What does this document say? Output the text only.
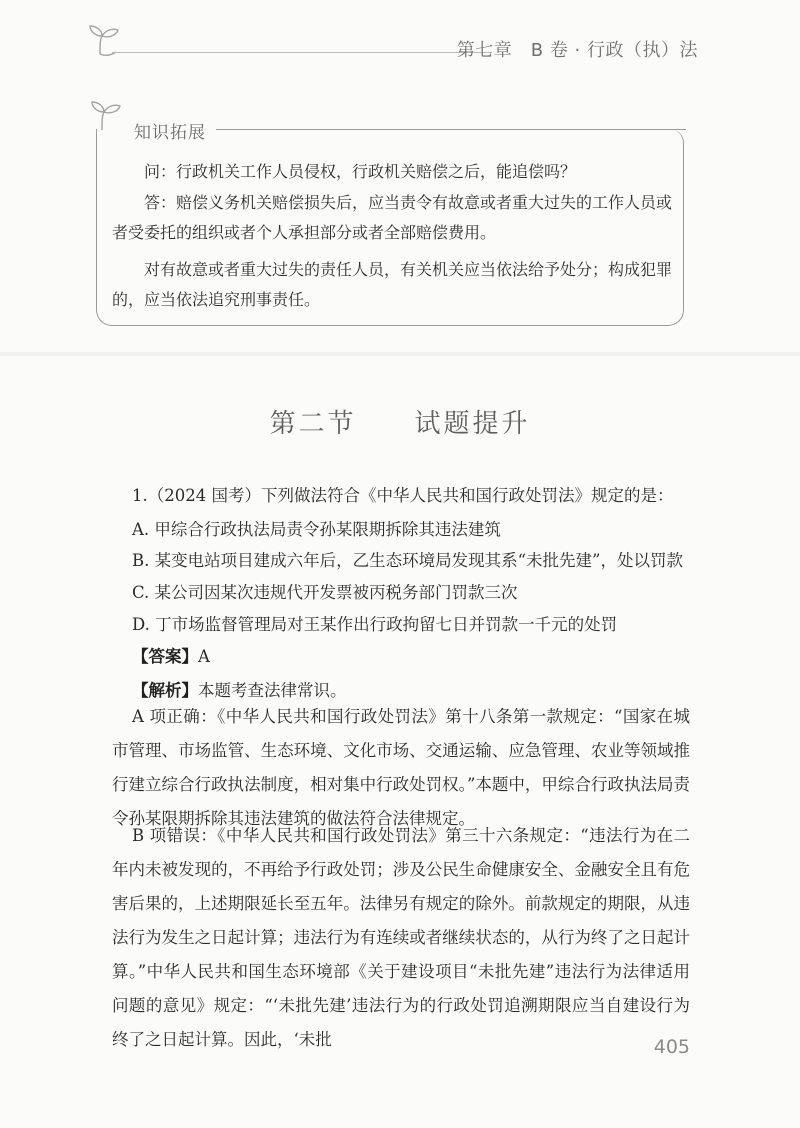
第七章　B 卷 · 行政（执）法
知识拓展

问：行政机关工作人员侵权，行政机关赔偿之后，能追偿吗？

答：赔偿义务机关赔偿损失后，应当责令有故意或者重大过失的工作人员或者受委托的组织或者个人承担部分或者全部赔偿费用。

对有故意或者重大过失的责任人员，有关机关应当依法给予处分；构成犯罪的，应当依法追究刑事责任。

第二节　　试题提升

1.（2024 国考）下列做法符合《中华人民共和国行政处罚法》规定的是：

A. 甲综合行政执法局责令孙某限期拆除其违法建筑

B. 某变电站项目建成六年后，乙生态环境局发现其系“未批先建”，处以罚款

C. 某公司因某次违规代开发票被丙税务部门罚款三次

D. 丁市场监督管理局对王某作出行政拘留七日并罚款一千元的处罚

【答案】A

【解析】本题考查法律常识。

A 项正确：《中华人民共和国行政处罚法》第十八条第一款规定：“国家在城市管理、市场监管、生态环境、文化市场、交通运输、应急管理、农业等领域推行建立综合行政执法制度，相对集中行政处罚权。”本题中，甲综合行政执法局责令孙某限期拆除其违法建筑的做法符合法律规定。

B 项错误：《中华人民共和国行政处罚法》第三十六条规定：“违法行为在二年内未被发现的，不再给予行政处罚；涉及公民生命健康安全、金融安全且有危害后果的，上述期限延长至五年。法律另有规定的除外。前款规定的期限，从违法行为发生之日起计算；违法行为有连续或者继续状态的，从行为终了之日起计算。”中华人民共和国生态环境部《关于建设项目“未批先建”违法行为法律适用问题的意见》规定：“‘未批先建’违法行为的行政处罚追溯期限应当自建设行为终了之日起计算。因此，‘未批	405
